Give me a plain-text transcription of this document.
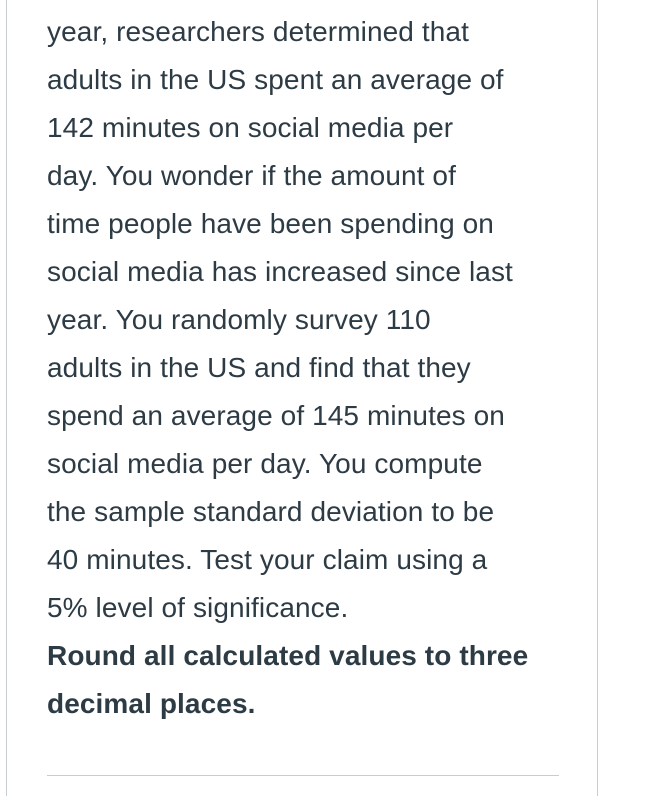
year, researchers determined that
adults in the US spent an average of
142 minutes on social media per
day. You wonder if the amount of
time people have been spending on
social media has increased since last
year. You randomly survey 110
adults in the US and find that they
spend an average of 145 minutes on
social media per day. You compute
the sample standard deviation to be
40 minutes. Test your claim using a
5% level of significance.
Round all calculated values to three
decimal places.
